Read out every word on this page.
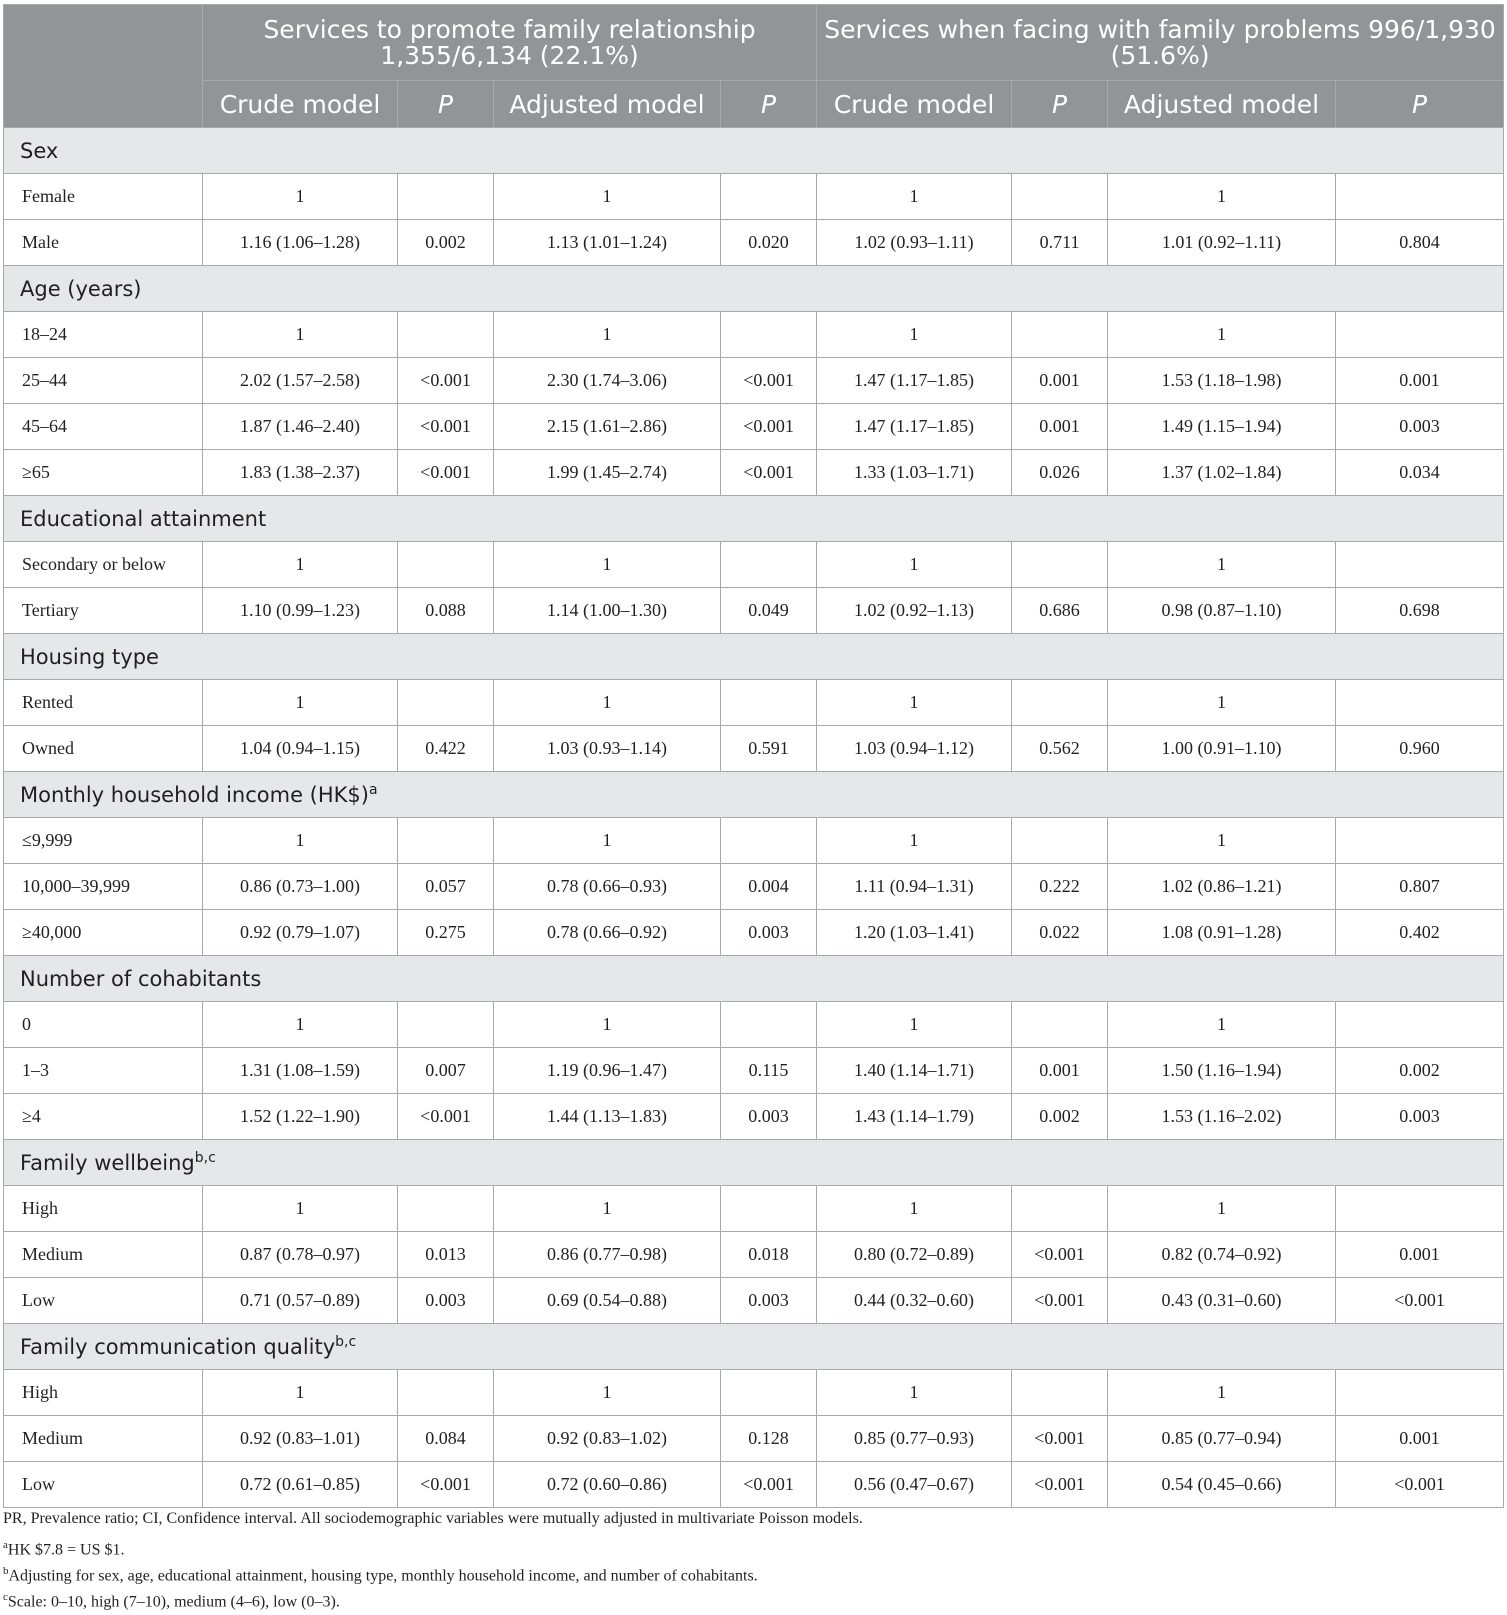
	Services to promote family relationship 1,355/6,134 (22.1%)				Services when facing with family problems 996/1,930 (51.6%)			
	Crude model	P	Adjusted model	P	Crude model	P	Adjusted model	P
Sex								
Female	1		1		1		1	
Male	1.16 (1.06–1.28)	0.002	1.13 (1.01–1.24)	0.020	1.02 (0.93–1.11)	0.711	1.01 (0.92–1.11)	0.804
Age (years)								
18–24	1		1		1		1	
25–44	2.02 (1.57–2.58)	<0.001	2.30 (1.74–3.06)	<0.001	1.47 (1.17–1.85)	0.001	1.53 (1.18–1.98)	0.001
45–64	1.87 (1.46–2.40)	<0.001	2.15 (1.61–2.86)	<0.001	1.47 (1.17–1.85)	0.001	1.49 (1.15–1.94)	0.003
≥65	1.83 (1.38–2.37)	<0.001	1.99 (1.45–2.74)	<0.001	1.33 (1.03–1.71)	0.026	1.37 (1.02–1.84)	0.034
Educational attainment								
Secondary or below	1		1		1		1	
Tertiary	1.10 (0.99–1.23)	0.088	1.14 (1.00–1.30)	0.049	1.02 (0.92–1.13)	0.686	0.98 (0.87–1.10)	0.698
Housing type								
Rented	1		1		1		1	
Owned	1.04 (0.94–1.15)	0.422	1.03 (0.93–1.14)	0.591	1.03 (0.94–1.12)	0.562	1.00 (0.91–1.10)	0.960
Monthly household income (HK$)$^a$
≤9,999	1		1		1		1	
10,000–39,999	0.86 (0.73–1.00)	0.057	0.78 (0.66–0.93)	0.004	1.11 (0.94–1.31)	0.222	1.02 (0.86–1.21)	0.807
≥40,000	0.92 (0.79–1.07)	0.275	0.78 (0.66–0.92)	0.003	1.20 (1.03–1.41)	0.022	1.08 (0.91–1.28)	0.402
Number of cohabitants								
0	1		1		1		1	
1–3	1.31 (1.08–1.59)	0.007	1.19 (0.96–1.47)	0.115	1.40 (1.14–1.71)	0.001	1.50 (1.16–1.94)	0.002
≥4	1.52 (1.22–1.90)	<0.001	1.44 (1.13–1.83)	0.003	1.43 (1.14–1.79)	0.002	1.53 (1.16–2.02)	0.003
Family wellbeing$^{b,c}$
High	1		1		1		1	
Medium	0.87 (0.78–0.97)	0.013	0.86 (0.77–0.98)	0.018	0.80 (0.72–0.89)	<0.001	0.82 (0.74–0.92)	0.001
Low	0.71 (0.57–0.89)	0.003	0.69 (0.54–0.88)	0.003	0.44 (0.32–0.60)	<0.001	0.43 (0.31–0.60)	<0.001
Family communication quality$^{b,c}$
High	1		1		1		1	
Medium	0.92 (0.83–1.01)	0.084	0.92 (0.83–1.02)	0.128	0.85 (0.77–0.93)	<0.001	0.85 (0.77–0.94)	0.001
Low	0.72 (0.61–0.85)	<0.001	0.72 (0.60–0.86)	<0.001	0.56 (0.47–0.67)	<0.001	0.54 (0.45–0.66)	<0.001
PR, Prevalence ratio; CI, Confidence interval. All sociodemographic variables were mutually adjusted in multivariate Poisson models.
$^a$HK $7.8 = US $1.
$^b$Adjusting for sex, age, educational attainment, housing type, monthly household income, and number of cohabitants.
$^c$Scale: 0–10, high (7–10), medium (4–6), low (0–3).
